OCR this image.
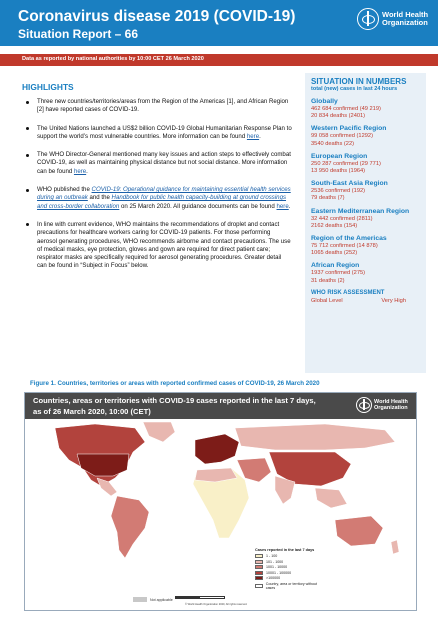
Coronavirus disease 2019 (COVID-19)
Situation Report – 66
World Health Organization
Data as reported by national authorities by 10:00 CET 26 March 2020
HIGHLIGHTS
Three new countries/territories/areas from the Region of the Americas [1], and African Region [2] have reported cases of COVID-19.
The United Nations launched a US$2 billion COVID-19 Global Humanitarian Response Plan to support the world’s most vulnerable countries. More information can be found here.
The WHO Director-General mentioned many key issues and action steps to effectively combat COVID-19, as well as maintaining physical distance but not social distance. More information can be found here.
WHO published the COVID-19: Operational guidance for maintaining essential health services during an outbreak and the Handbook for public health capacity-building at ground crossings and cross-border collaboration on 25 March 2020. All guidance documents can be found here.
In line with current evidence, WHO maintains the recommendations of droplet and contact precautions for healthcare workers caring for COVID-19 patients. For those performing aerosol generating procedures, WHO recommends airborne and contact precautions. The use of medical masks, eye protection, gloves and gown are required for direct patient care; respirator masks are specifically required for aerosol generating procedures. Greater detail can be found in “Subject in Focus” below.
SITUATION IN NUMBERS
total (new) cases in last 24 hours
Globally
462 684 confirmed (49 219)
20 834 deaths (2401)
Western Pacific Region
99 058 confirmed (1292)
3540 deaths (22)
European Region
250 287 confirmed (29 771)
13 950 deaths (1964)
South-East Asia Region
2536 confirmed (192)
79 deaths (7)
Eastern Mediterranean Region
32 442 confirmed (2811)
2162 deaths (154)
Region of the Americas
75 712 confirmed (14 878)
1065 deaths (252)
African Region
1937 confirmed (275)
31 deaths (2)
WHO RISK ASSESSMENT
Global Level	Very High
Figure 1. Countries, territories or areas with reported confirmed cases of COVID-19, 26 March 2020
Countries, areas or territories with COVID-19 cases reported in the last 7 days,
as of 26 March 2020, 10:00 (CET)
World Health Organization
Cases reported in the last 7 days
1 - 100
101 - 1000
1001 - 10000
10001 - 100000
>100000
Country, area or territory without cases
Not applicable
© World Health Organization 2020, All rights reserved.
